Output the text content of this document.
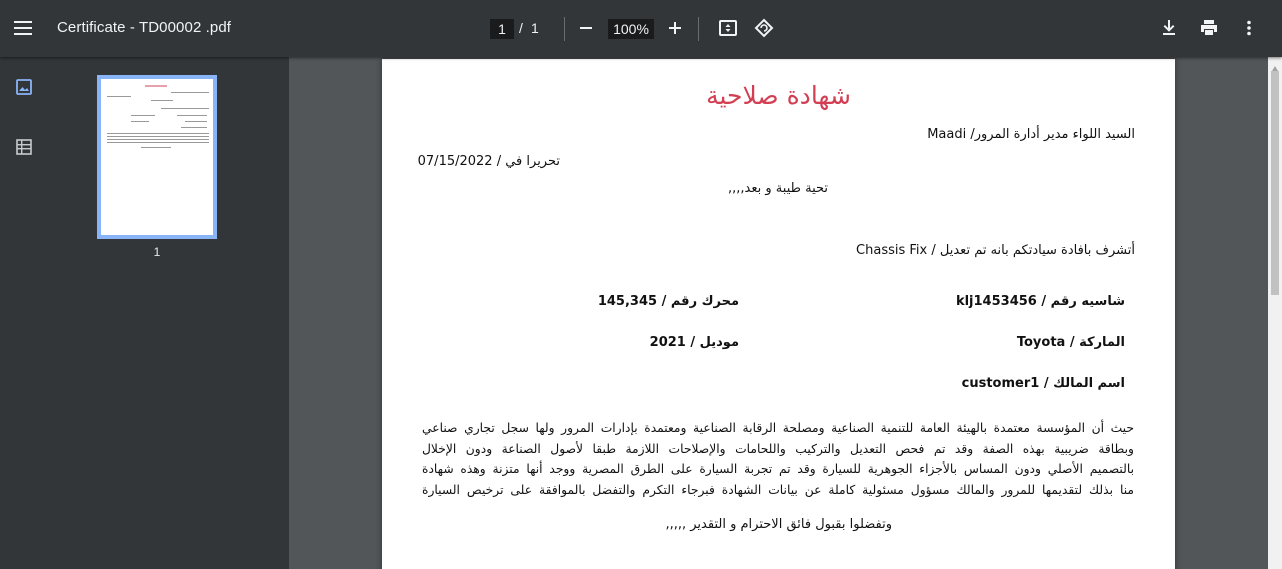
Certificate - TD00002 .pdf	1 / 1	100%
1
شهادة صلاحية
السيد اللواء مدير أدارة المرور/ Maadi
تحريرا في / 07/15/2022
تحية طيبة و بعد,,,,
أتشرف بافادة سيادتكم بانه تم تعديل / Chassis Fix
شاسيه رقم / klj1453456
محرك رقم / 145,345
الماركة / Toyota
موديل / 2021
اسم المالك / customer1
حيث أن المؤسسة معتمدة بالهيئة العامة للتنمية الصناعية ومصلحة الرقابة الصناعية ومعتمدة بإدارات المرور ولها سجل تجاري صناعي
وبطاقة ضريبية بهذه الصفة وقد تم فحص التعديل والتركيب واللحامات والإصلاحات اللازمة طبقا لأصول الصناعة ودون الإخلال
بالتصميم الأصلي ودون المساس بالأجزاء الجوهرية للسيارة وقد تم تجربة السيارة على الطرق المصرية ووجد أنها متزنة وهذه شهادة
منا بذلك لتقديمها للمرور والمالك مسؤول مسئولية كاملة عن بيانات الشهادة فبرجاء التكرم والتفضل بالموافقة على ترخيص السيارة
وتفضلوا بقبول فائق الاحترام و التقدير ,,,,,
